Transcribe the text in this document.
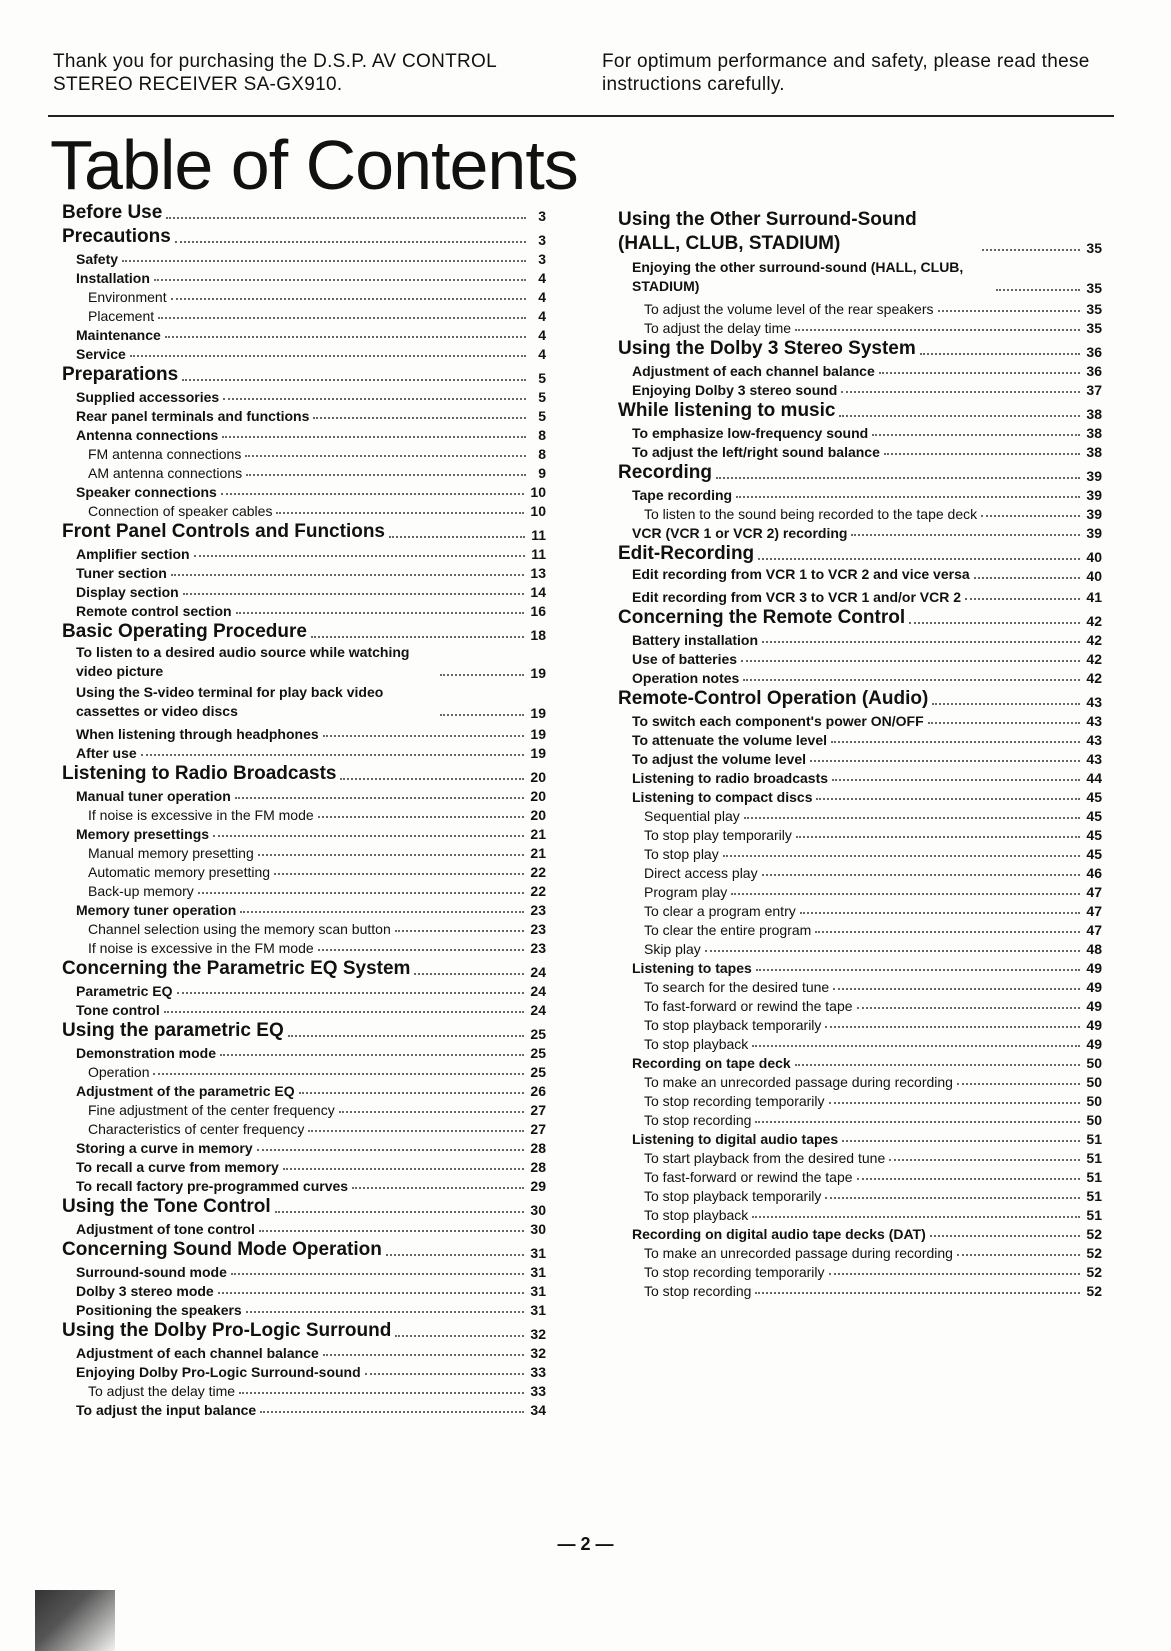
Thank you for purchasing the D.S.P. AV CONTROL STEREO RECEIVER SA-GX910.
For optimum performance and safety, please read these instructions carefully.
Table of Contents
Before Use	3
Precautions	3
Safety	3
Installation	4
Environment	4
Placement	4
Maintenance	4
Service	4
Preparations	5
Supplied accessories	5
Rear panel terminals and functions	5
Antenna connections	8
FM antenna connections	8
AM antenna connections	9
Speaker connections	10
Connection of speaker cables	10
Front Panel Controls and Functions	11
Amplifier section	11
Tuner section	13
Display section	14
Remote control section	16
Basic Operating Procedure	18
To listen to a desired audio source while watching video picture	19
Using the S-video terminal for play back video cassettes or video discs	19
When listening through headphones	19
After use	19
Listening to Radio Broadcasts	20
Manual tuner operation	20
If noise is excessive in the FM mode	20
Memory presettings	21
Manual memory presetting	21
Automatic memory presetting	22
Back-up memory	22
Memory tuner operation	23
Channel selection using the memory scan button	23
If noise is excessive in the FM mode	23
Concerning the Parametric EQ System	24
Parametric EQ	24
Tone control	24
Using the parametric EQ	25
Demonstration mode	25
Operation	25
Adjustment of the parametric EQ	26
Fine adjustment of the center frequency	27
Characteristics of center frequency	27
Storing a curve in memory	28
To recall a curve from memory	28
To recall factory pre-programmed curves	29
Using the Tone Control	30
Adjustment of tone control	30
Concerning Sound Mode Operation	31
Surround-sound mode	31
Dolby 3 stereo mode	31
Positioning the speakers	31
Using the Dolby Pro-Logic Surround	32
Adjustment of each channel balance	32
Enjoying Dolby Pro-Logic Surround-sound	33
To adjust the delay time	33
To adjust the input balance	34
Using the Other Surround-Sound (HALL, CLUB, STADIUM)	35
Enjoying the other surround-sound (HALL, CLUB, STADIUM)	35
To adjust the volume level of the rear speakers	35
To adjust the delay time	35
Using the Dolby 3 Stereo System	36
Adjustment of each channel balance	36
Enjoying Dolby 3 stereo sound	37
While listening to music	38
To emphasize low-frequency sound	38
To adjust the left/right sound balance	38
Recording	39
Tape recording	39
To listen to the sound being recorded to the tape deck	39
VCR (VCR 1 or VCR 2) recording	39
Edit-Recording	40
Edit recording from VCR 1 to VCR 2 and vice versa	40
Edit recording from VCR 3 to VCR 1 and/or VCR 2	41
Concerning the Remote Control	42
Battery installation	42
Use of batteries	42
Operation notes	42
Remote-Control Operation (Audio)	43
To switch each component's power ON/OFF	43
To attenuate the volume level	43
To adjust the volume level	43
Listening to radio broadcasts	44
Listening to compact discs	45
Sequential play	45
To stop play temporarily	45
To stop play	45
Direct access play	46
Program play	47
To clear a program entry	47
To clear the entire program	47
Skip play	48
Listening to tapes	49
To search for the desired tune	49
To fast-forward or rewind the tape	49
To stop playback temporarily	49
To stop playback	49
Recording on tape deck	50
To make an unrecorded passage during recording	50
To stop recording temporarily	50
To stop recording	50
Listening to digital audio tapes	51
To start playback from the desired tune	51
To fast-forward or rewind the tape	51
To stop playback temporarily	51
To stop playback	51
Recording on digital audio tape decks (DAT)	52
To make an unrecorded passage during recording	52
To stop recording temporarily	52
To stop recording	52
— 2 —
